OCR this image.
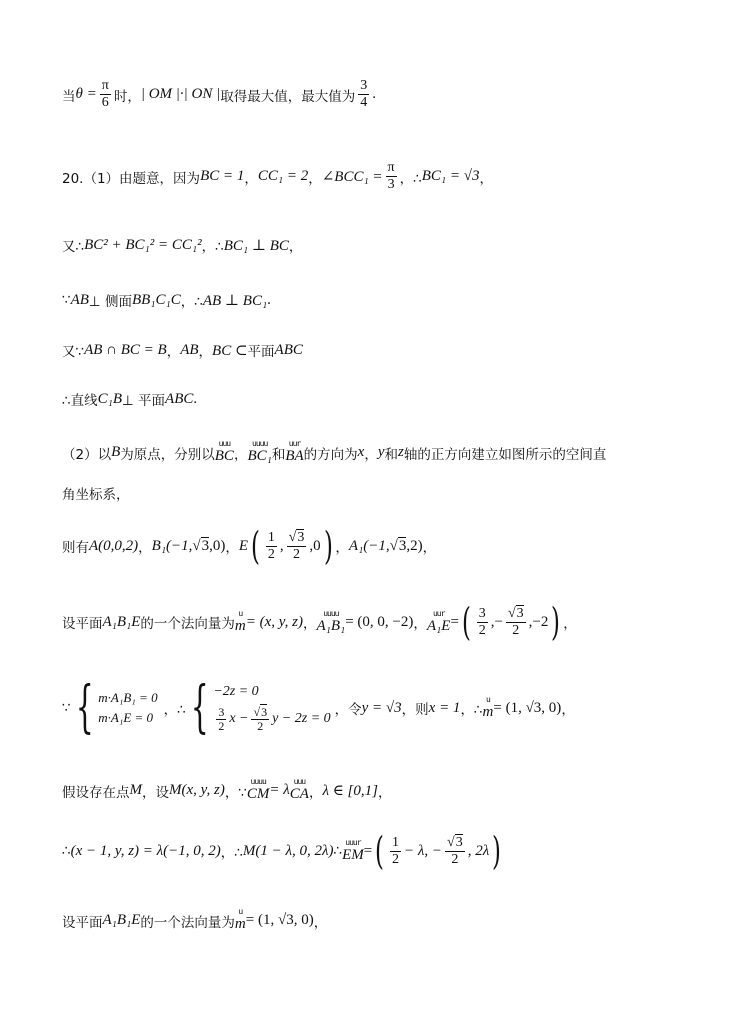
当 $\theta = \frac{\pi}{6}$ 时， | OM |·| ON | 取得最大值，最大值为 $\frac{3}{4}$ .
20.（1）由题意，因为 BC = 1 ， CC₁ = 2 ， ∠BCC₁ = $\frac{\pi}{3}$ ，∴ BC₁ = √3 ，
又∴ BC² + BC₁² = CC₁² ，∴ BC₁ ⊥ BC ，
∵ AB ⊥ 侧面 BB₁C₁C ，∴ AB ⊥ BC₁ .
又∵ AB ∩ BC = B ， AB ， BC ⊂ 平面 ABC
∴直线 C₁B ⊥ 平面 ABC .
（2）以 B 为原点，分别以
uuu
BC ，
uuuu
BC₁ 和
uur
BA 的方向为 x ， y 和 z 轴的正方向建立如图所示的空间直
角坐标系，
则有 A(0,0,2) ， B₁(−1, √ 3 ,0) ， E ( $\frac{1}{2}$ , $\frac{√3}{2} ,0$ ) ， A₁(−1, √ 3 ,2) ，
设平面 A₁B₁E 的一个法向量为
u
m = (x, y, z) ，
uuuu
A₁B₁ = (0, 0, −2) ，
uur
A₁E = ( $\frac{3}{2}$ ,− $\frac{√3}{2} ,-2$ ) ，
∵ { m·A₁B₁ = 0
m·A₁E = 0 ，∴ { −2z = 0
$\frac{3}{2}$ $x - \frac{√3}{2}$ y − 2z = 0
，令 y = √3 ，则 x = 1 ，∴
u
m = (1, √3, 0) ，
假设存在点 M ，设 M(x, y, z) ，∵
uuuu
CM = λ
uuu
CA ， λ ∈ [0,1] ，
∴ (x − 1, y, z) = λ(−1, 0, 2) ，∴ M(1 − λ, 0, 2λ) ∴
uuur
EM = ( $\frac{1}{2} - \lambda$, − $\frac{√3}{2}$ , 2λ )
设平面 A₁B₁E 的一个法向量为
u
m = (1, √3, 0) ，
